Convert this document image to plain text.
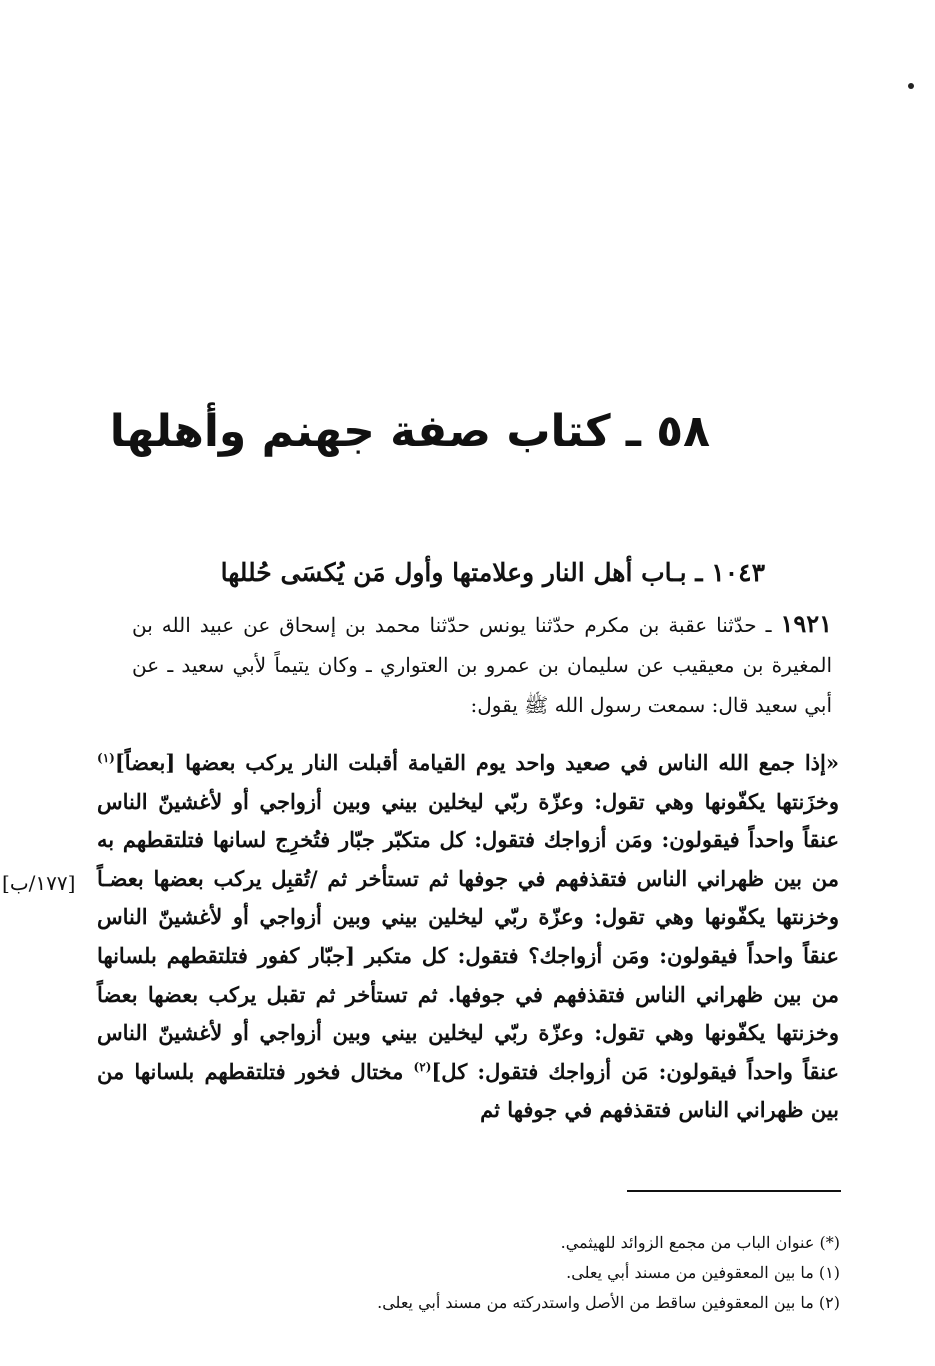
٥٨ ـ كتاب صفة جهنم وأهلها
١٠٤٣ ـ بـاب أهل النار وعلامتها وأول مَن يُكسَى حُللها
١٩٢١ ـ حدّثنا عقبة بن مكرم حدّثنا يونس حدّثنا محمد بن إسحاق عن عبيد الله بن المغيرة بن معيقيب عن سليمان بن عمرو بن العتواري ـ وكان يتيماً لأبي سعيد ـ عن أبي سعيد قال: سمعت رسول الله ﷺ يقول:
«إذا جمع الله الناس في صعيد واحد يوم القيامة أقبلت النار يركب بعضها [بعضاً]$^{(١)}$ وخزَنتها يكفّونها وهي تقول: وعزّة ربّي ليخلين بيني وبين أزواجي أو لأغشينّ الناس عنقاً واحداً فيقولون: ومَن أزواجك فتقول: كل متكبّر جبّار فتُخرِج لسانها فتلتقطهم به من بين ظهراني الناس فتقذفهم في جوفها ثم تستأخر ثم /تُقبِل يركب بعضها بعضـاً وخزنتها يكفّونها وهي تقول: وعزّة ربّي ليخلين بيني وبين أزواجي أو لأغشينّ الناس عنقاً واحداً فيقولون: ومَن أزواجك؟ فتقول: كل متكبر [جبّار كفور فتلتقطهم بلسانها من بين ظهراني الناس فتقذفهم في جوفها. ثم تستأخر ثم تقبل يركب بعضها بعضاً وخزنتها يكفّونها وهي تقول: وعزّة ربّي ليخلين بيني وبين أزواجي أو لأغشينّ الناس عنقاً واحداً فيقولون: مَن أزواجك فتقول: كل]$^{(٢)}$ مختال فخور فتلتقطهم بلسانها من بين ظهراني الناس فتقذفهم في جوفها ثم
[١٧٧/ب]
(*) عنوان الباب من مجمع الزوائد للهيثمي.
(١) ما بين المعقوفين من مسند أبي يعلى.
(٢) ما بين المعقوفين ساقط من الأصل واستدركته من مسند أبي يعلى.
